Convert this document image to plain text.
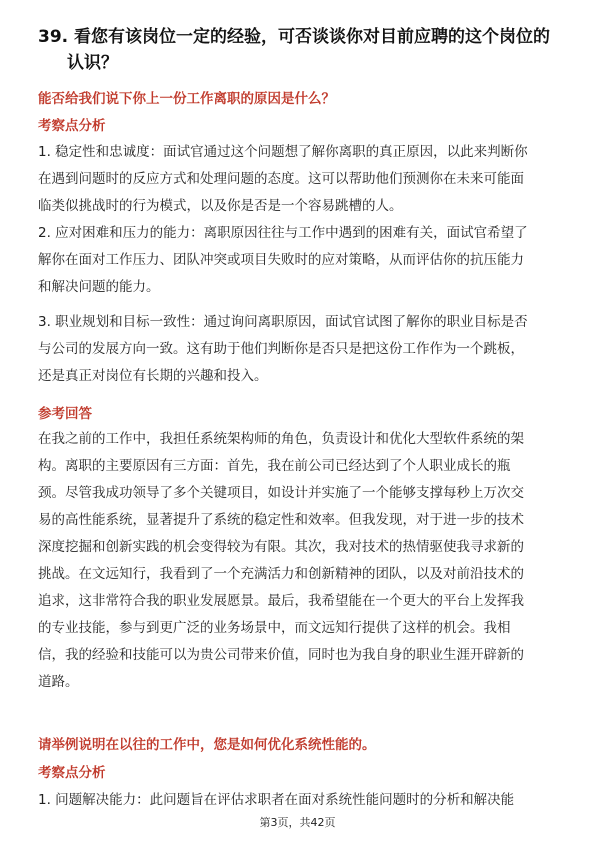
39. 看您有该岗位一定的经验，可否谈谈你对目前应聘的这个岗位的
认识？
能否给我们说下你上一份工作离职的原因是什么？
考察点分析
1. 稳定性和忠诚度：面试官通过这个问题想了解你离职的真正原因，以此来判断你
在遇到问题时的反应方式和处理问题的态度。这可以帮助他们预测你在未来可能面
临类似挑战时的行为模式，以及你是否是一个容易跳槽的人。
2. 应对困难和压力的能力：离职原因往往与工作中遇到的困难有关，面试官希望了
解你在面对工作压力、团队冲突或项目失败时的应对策略，从而评估你的抗压能力
和解决问题的能力。
3. 职业规划和目标一致性：通过询问离职原因，面试官试图了解你的职业目标是否
与公司的发展方向一致。这有助于他们判断你是否只是把这份工作作为一个跳板，
还是真正对岗位有长期的兴趣和投入。
参考回答
在我之前的工作中，我担任系统架构师的角色，负责设计和优化大型软件系统的架
构。离职的主要原因有三方面：首先，我在前公司已经达到了个人职业成长的瓶
颈。尽管我成功领导了多个关键项目，如设计并实施了一个能够支撑每秒上万次交
易的高性能系统，显著提升了系统的稳定性和效率。但我发现，对于进一步的技术
深度挖掘和创新实践的机会变得较为有限。其次，我对技术的热情驱使我寻求新的
挑战。在文远知行，我看到了一个充满活力和创新精神的团队，以及对前沿技术的
追求，这非常符合我的职业发展愿景。最后，我希望能在一个更大的平台上发挥我
的专业技能，参与到更广泛的业务场景中，而文远知行提供了这样的机会。我相
信，我的经验和技能可以为贵公司带来价值，同时也为我自身的职业生涯开辟新的
道路。
请举例说明在以往的工作中，您是如何优化系统性能的。
考察点分析
1. 问题解决能力：此问题旨在评估求职者在面对系统性能问题时的分析和解决能
第3页，共42页
